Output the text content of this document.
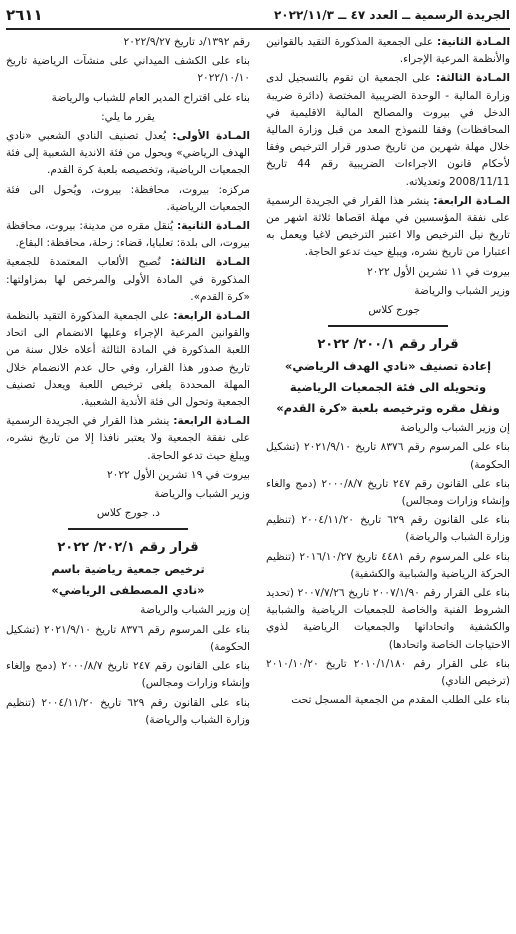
٢٦١١	الجريدة الرسمية ــ العدد ٤٧ ــ ٢٠٢٢/١١/٣

المـادة الثانية: على الجمعية المذكورة التقيد بالقوانين والأنظمة المرعية الإجراء.

المـادة الثالثة: على الجمعية ان تقوم بالتسجيل لدى وزارة المالية - الوحدة الضريبية المختصة (دائرة ضريبة الدخل في بيروت والمصالح المالية الاقليمية في المحافظات) وفقا للنموذج المعد من قبل وزارة المالية خلال مهلة شهرين من تاريخ صدور قرار الترخيص وفقا لأحكام قانون الاجراءات الضريبية رقم 44 تاريخ 2008/11/11 وتعديلاته.

المـادة الرابعة: ينشر هذا القرار في الجريدة الرسمية على نفقة المؤسسين في مهلة اقصاها ثلاثة اشهر من تاريخ نيل الترخيص والا اعتبر الترخيص لاغيا ويعمل به اعتبارا من تاريخ نشره، ويبلغ حيث تدعو الحاجة.

بيروت في ١١ تشرين الأول ٢٠٢٢

وزير الشباب والرياضة

جورج كلاس

قرار رقم ٢٠٠/١/ ٢٠٢٢

إعادة تصنيف «نادي الهدف الرياضي»

وتحويله الى فئة الجمعيات الرياضية

ونقل مقره وترخيصه بلعبة «كرة القدم»

إن وزير الشباب والرياضة

بناء على المرسوم رقم ٨٣٧٦ تاريخ ٢٠٢١/٩/١٠ (تشكيل الحكومة)

بناء على القانون رقم ٢٤٧ تاريخ ٢٠٠٠/٨/٧ (دمج والغاء وإنشاء وزارات ومجالس)

بناء على القانون رقم ٦٢٩ تاريخ ٢٠٠٤/١١/٢٠ (تنظيم وزارة الشباب والرياضة)

بناء على المرسوم رقم ٤٤٨١ تاريخ ٢٠١٦/١٠/٢٧ (تنظيم الحركة الرياضية والشبابية والكشفية)

بناء على القرار رقم ٢٠٠٧/١/٩٠ تاريخ ٢٠٠٧/٧/٢٦ (تحديد الشروط الفنية والخاصة للجمعيات الرياضية والشبابية والكشفية واتحاداتها والجمعيات الرياضية لذوي الاحتياجات الخاصة واتحادها)

بناء على القرار رقم ٢٠١٠/١/١٨٠ تاريخ ٢٠١٠/١٠/٢٠ (ترخيص النادي)

بناء على الطلب المقدم من الجمعية المسجل تحت

رقم ١٣٩٢/د تاريخ ٢٠٢٢/٩/٢٧

بناء على الكشف الميداني على منشآت الرياضية تاريخ ٢٠٢٢/١٠/١٠

بناء على اقتراح المدير العام للشباب والرياضة

يقرر ما يلي:

المـادة الأولى: يُعدل تصنيف النادي الشعبي «نادي الهدف الرياضي» ويحول من فئة الاندية الشعبية إلى فئة الجمعيات الرياضية، وتخصيصه بلعبة كرة القدم.

مركزه: بيروت، محافظة: بيروت، ويُحول الى فئة الجمعيات الرياضية.

المـادة الثانية: يُنقل مقره من مدينة: بيروت، محافظة بيروت، الى بلدة: تعلبايا، قضاء: زحلة، محافظة: البقاع.

المـادة الثالثة: تُصبح الألعاب المعتمدة للجمعية المذكورة في المادة الأولى والمرخص لها بمزاولتها: «كرة القدم».

المـادة الرابعة: على الجمعية المذكورة التقيد بالنظمة والقوانين المرعية الإجراء وعليها الانضمام الى اتحاد اللعبة المذكورة في المادة الثالثة أعلاه خلال سنة من تاريخ صدور هذا القرار، وفي حال عدم الانضمام خلال المهلة المحددة يلغى ترخيص اللعبة ويعدل تصنيف الجمعية وتحول الى فئة الأندية الشعبية.

المـادة الرابعة: ينشر هذا القرار في الجريدة الرسمية على نفقة الجمعية ولا يعتبر نافذا إلا من تاريخ نشره، ويبلغ حيث تدعو الحاجة.

بيروت في ١٩ تشرين الأول ٢٠٢٢

وزير الشباب والرياضة

د. جورج كلاس

قرار رقم ٢٠٢/١/ ٢٠٢٢

ترخيص جمعية رياضية باسم

«نادي المصطفى الرياضي»

إن وزير الشباب والرياضة

بناء على المرسوم رقم ٨٣٧٦ تاريخ ٢٠٢١/٩/١٠ (تشكيل الحكومة)

بناء على القانون رقم ٢٤٧ تاريخ ٢٠٠٠/٨/٧ (دمج وإلغاء وإنشاء وزارات ومجالس)

بناء على القانون رقم ٦٢٩ تاريخ ٢٠٠٤/١١/٢٠ (تنظيم وزارة الشباب والرياضة)
